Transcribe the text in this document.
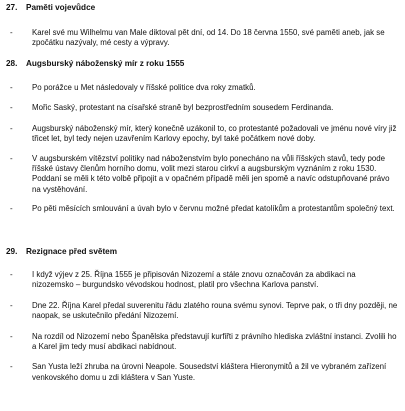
27. Paměti vojevůdce
-	Karel své mu Wilhelmu van Male diktoval pět dní, od 14. Do 18 června 1550, své paměti aneb, jak se zpočátku nazývaly, mé cesty a výpravy.
28. Augsburský náboženský mír z roku 1555
-	Po porážce u Met následovaly v říšské politice dva roky zmatků.
-	Mořic Saský, protestant na císařské straně byl bezprostředním sousedem Ferdinanda.
-	Augsburský náboženský mír, který konečně uzákonil to, co protestanté požadovali ve jménu nové víry již třicet let, byl tedy nejen uzavřením Karlovy epochy, byl také počátkem nové doby.
-	V augsburském vítězství politiky nad náboženstvím bylo ponecháno na vůli říšských stavů, tedy pode říšské ústavy členům horního domu, volit mezi starou církví a augsburským vyznáním z roku 1530. Poddaní se měli k této volbě připojit a v opačném případě měli jen spomě a navíc odstupňované právo na vystěhování.
-	Po pěti měsících smlouvání a úvah bylo v červnu možné předat katolíkům a protestantům společný text.
29. Rezignace před světem
-	I když výjev z 25. Října 1555 je připisován Nizozemí a stále znovu označován za abdikaci na nizozemsko – burgundsko vévodskou hodnost, platil pro všechna Karlova panství.
-	Dne 22. Října Karel předal suverenitu řádu zlatého rouna svému synovi. Teprve pak, o tři dny později, ne naopak, se uskutečnilo předání Nizozemí.
-	Na rozdíl od Nizozemí nebo Španělska představují kurfiřti z právního hlediska zvláštní instanci. Zvolili ho a Karel jim tedy musí abdikaci nabídnout.
-	San Yusta leží zhruba na úrovni Neapole. Sousedství kláštera Hieronymitů a žil ve vybraném zařízení venkovského domu u zdi kláštera v San Yuste.
